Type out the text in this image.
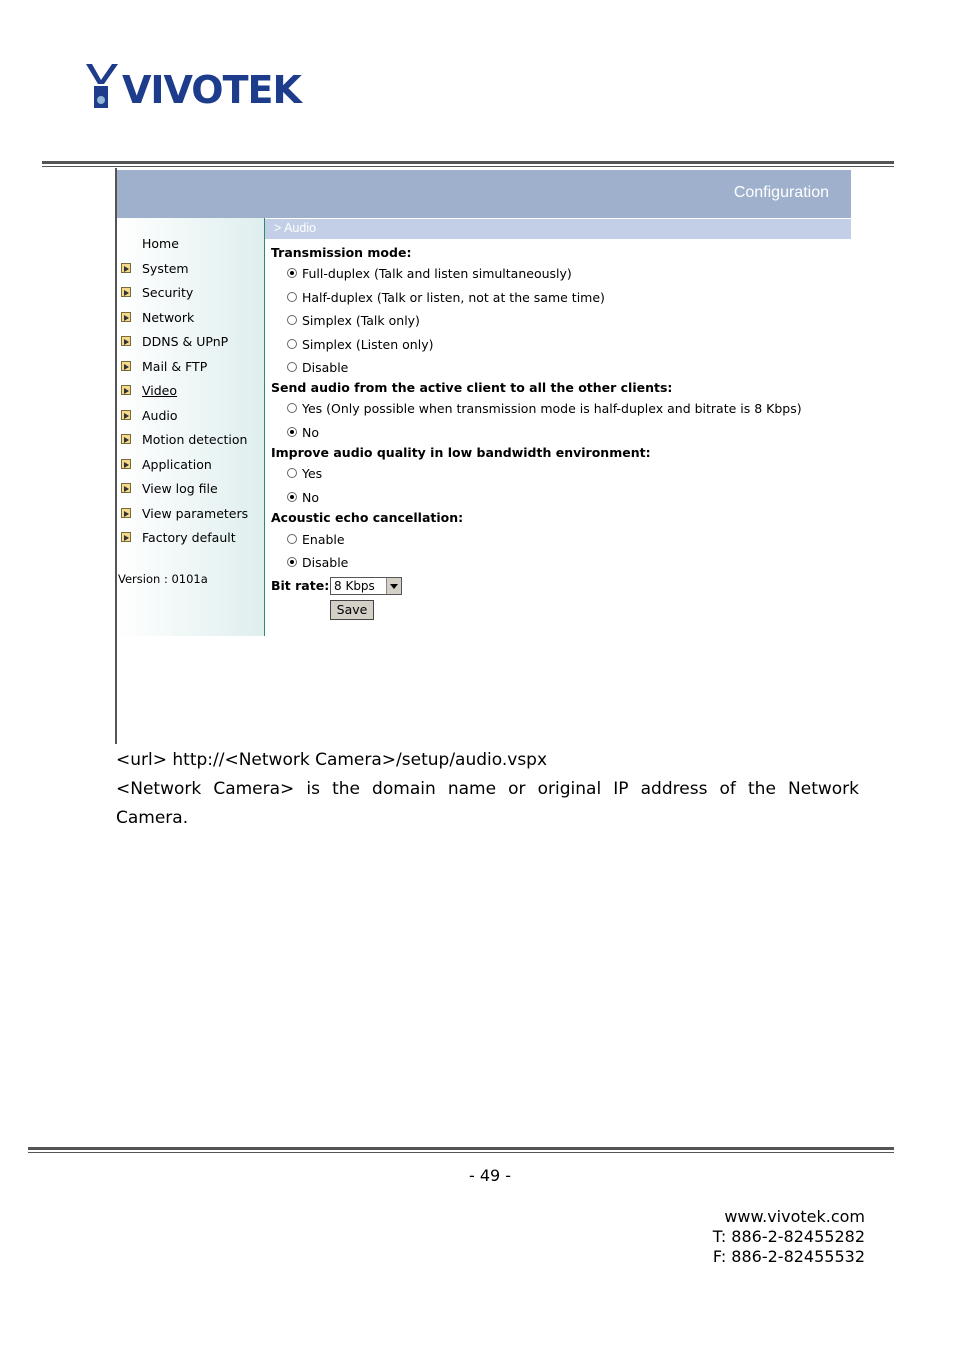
VIVOTEK
Configuration
Home
System
Security
Network
DDNS & UPnP
Mail & FTP
Video
Audio
Motion detection
Application
View log file
View parameters
Factory default
Version : 0101a
> Audio
Transmission mode:
Full-duplex (Talk and listen simultaneously)
Half-duplex (Talk or listen, not at the same time)
Simplex (Talk only)
Simplex (Listen only)
Disable
Send audio from the active client to all the other clients:
Yes (Only possible when transmission mode is half-duplex and bitrate is 8 Kbps)
No
Improve audio quality in low bandwidth environment:
Yes
No
Acoustic echo cancellation:
Enable
Disable
Bit rate: 8 Kbps
Save
<url> http://<Network Camera>/setup/audio.vspx
<Network Camera> is the domain name or original IP address of the Network
Camera.
- 49 -
www.vivotek.com
T: 886-2-82455282
F: 886-2-82455532
